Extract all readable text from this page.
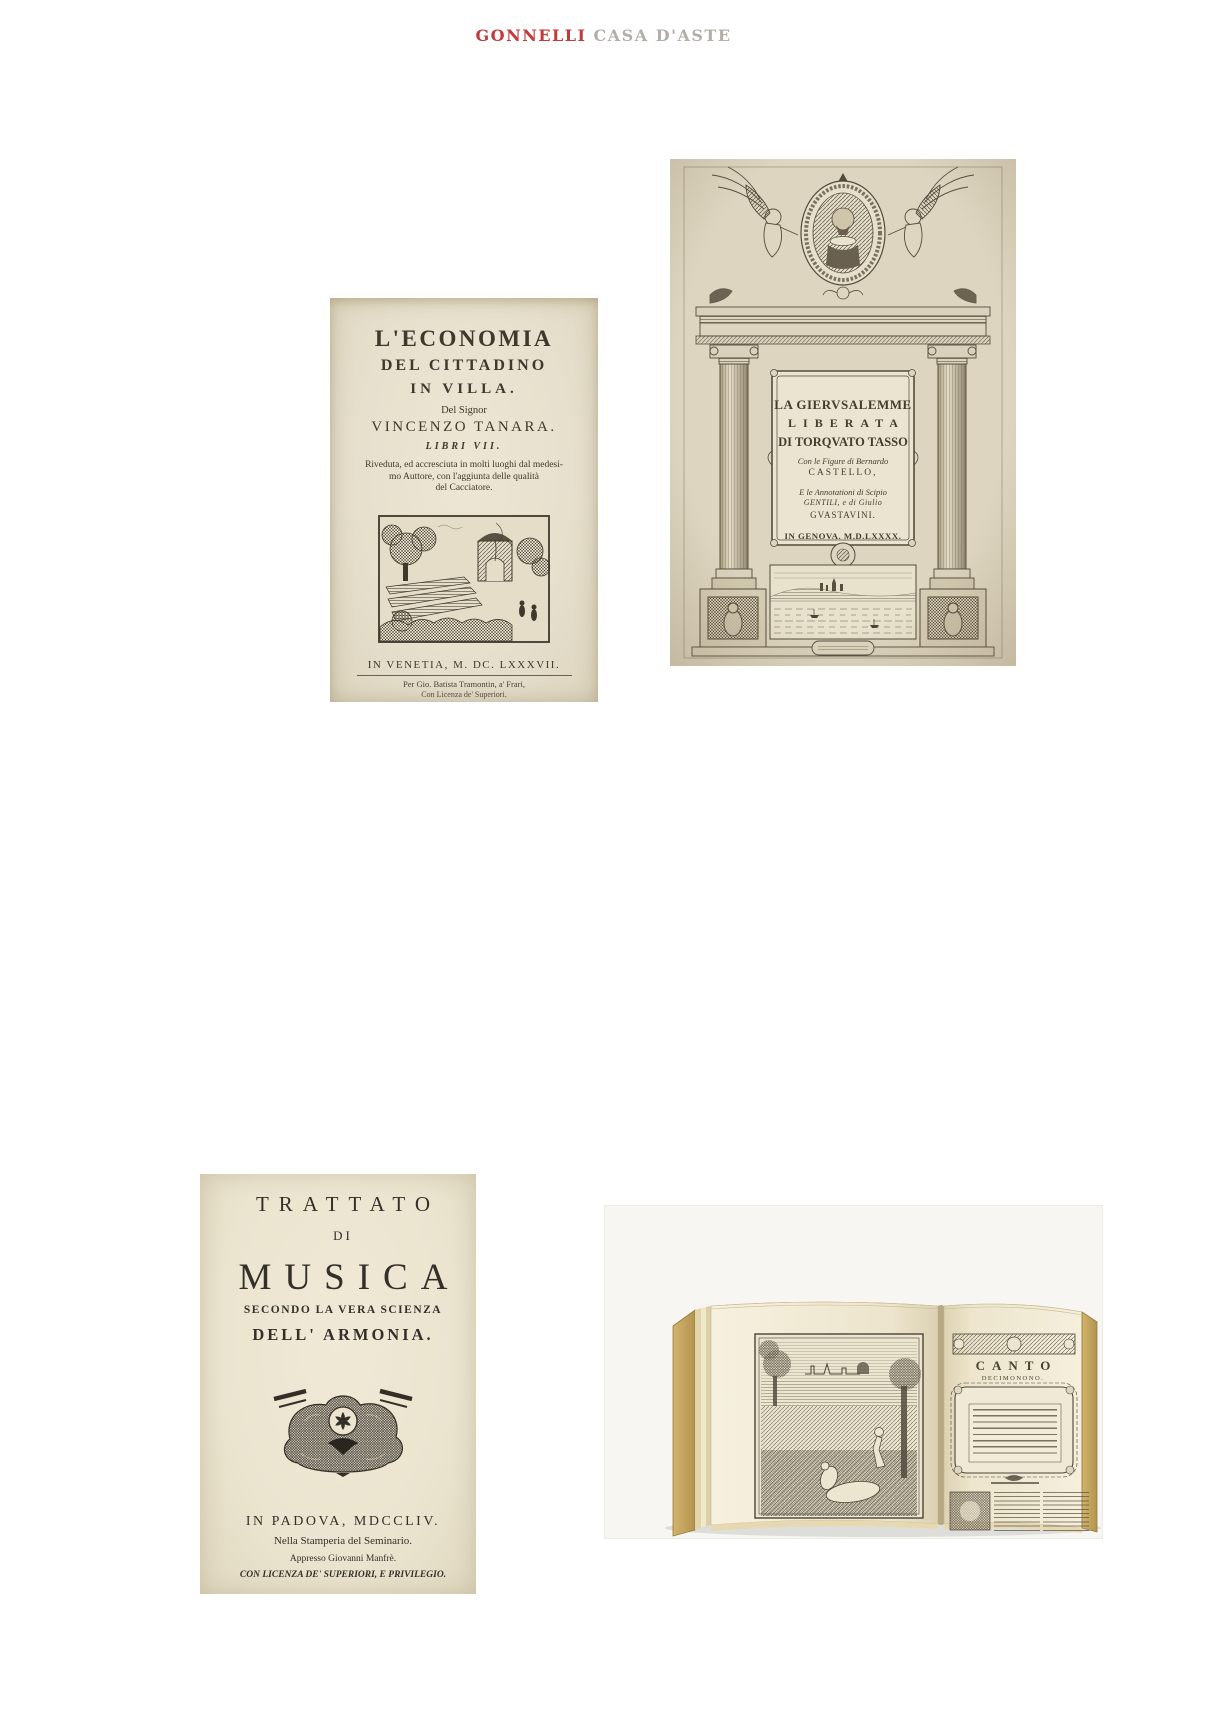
GONNELLI CASA D'ASTE
L'ECONOMIA
DEL CITTADINO
IN VILLA.
Del Signor
VINCENZO TANARA.
LIBRI VII.
Riveduta, ed accresciuta in molti luoghi dal medesi-
mo Auttore, con l'aggiunta delle qualità
del Cacciatore.
IN VENETIA, M. DC. LXXXVII.
Per Gio. Batista Tramontin, a' Frari,
Con Licenza de' Superiori.
LA GIERVSALEMME
LIBERATA
DI TORQVATO TASSO
Con le Figure di Bernardo
CASTELLO,
E le Annotationi di Scipio
GENTILI, e di Giulio
GVASTAVINI.
IN GENOVA. M.D.LXXXX.
TRATTATO
DI
MUSICA
SECONDO LA VERA SCIENZA
DELL' ARMONIA.
IN PADOVA, MDCCLIV.
Nella Stamperia del Seminario.
Appresso Giovanni Manfrè.
CON LICENZA DE' SUPERIORI, E PRIVILEGIO.
CANTO
DECIMONONO.
